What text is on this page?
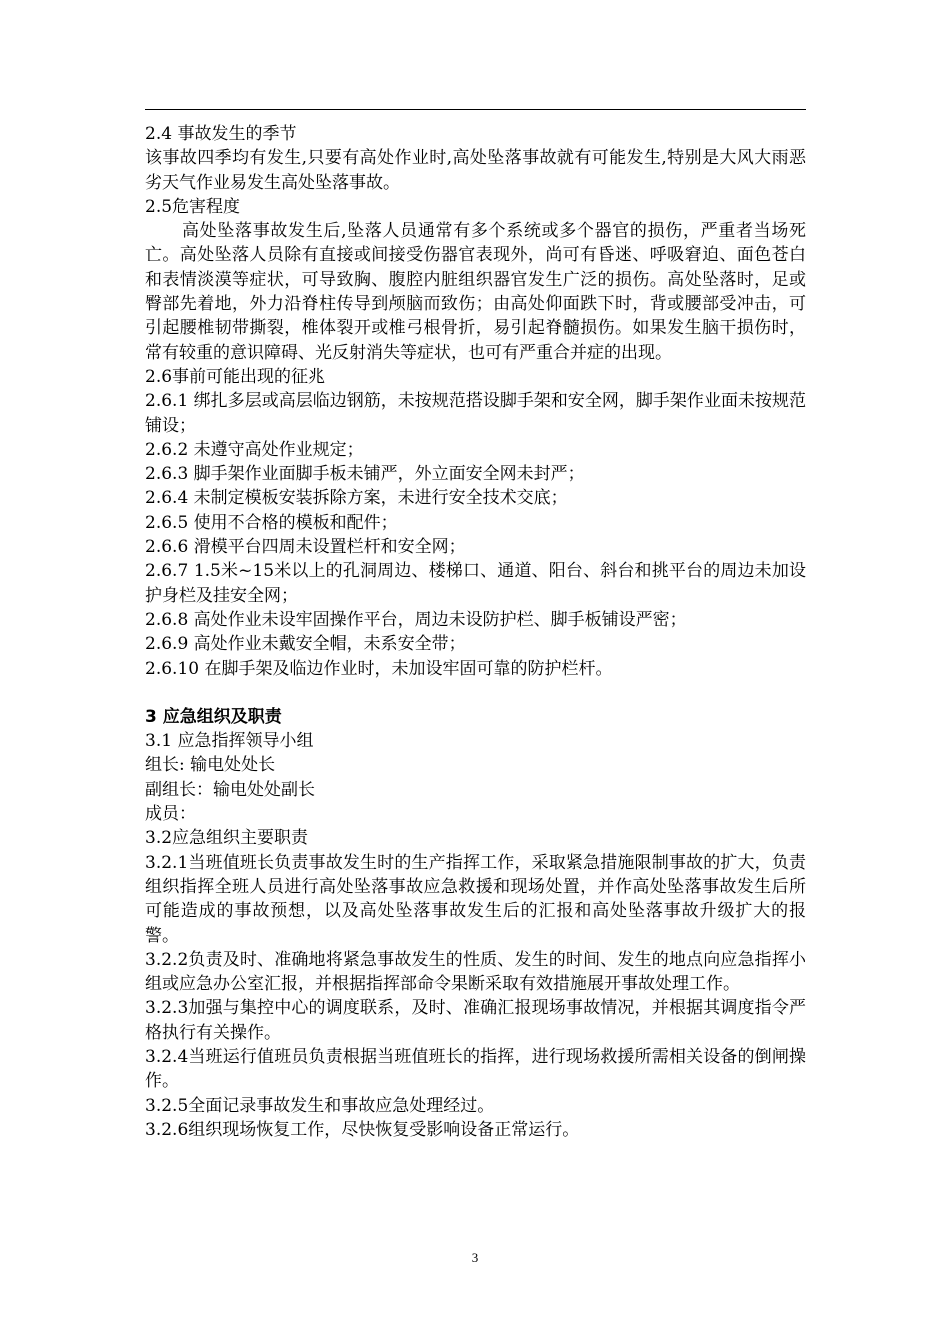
2.4 事故发生的季节

该事故四季均有发生,只要有高处作业时,高处坠落事故就有可能发生,特别是大风大雨恶劣天气作业易发生高处坠落事故。

2.5危害程度

高处坠落事故发生后,坠落人员通常有多个系统或多个器官的损伤，严重者当场死亡。高处坠落人员除有直接或间接受伤器官表现外，尚可有昏迷、呼吸窘迫、面色苍白和表情淡漠等症状，可导致胸、腹腔内脏组织器官发生广泛的损伤。高处坠落时，足或臀部先着地，外力沿脊柱传导到颅脑而致伤；由高处仰面跌下时，背或腰部受冲击，可引起腰椎韧带撕裂，椎体裂开或椎弓根骨折，易引起脊髓损伤。如果发生脑干损伤时，常有较重的意识障碍、光反射消失等症状，也可有严重合并症的出现。

2.6事前可能出现的征兆

2.6.1 绑扎多层或高层临边钢筋，未按规范搭设脚手架和安全网，脚手架作业面未按规范铺设；

2.6.2 未遵守高处作业规定；

2.6.3 脚手架作业面脚手板未铺严，外立面安全网未封严；

2.6.4 未制定模板安装拆除方案，未进行安全技术交底；

2.6.5 使用不合格的模板和配件；

2.6.6 滑模平台四周未设置栏杆和安全网；

2.6.7 1.5米~15米以上的孔洞周边、楼梯口、通道、阳台、斜台和挑平台的周边未加设护身栏及挂安全网；

2.6.8 高处作业未设牢固操作平台，周边未设防护栏、脚手板铺设严密；

2.6.9 高处作业未戴安全帽，未系安全带；

2.6.10 在脚手架及临边作业时，未加设牢固可靠的防护栏杆。

3 应急组织及职责

3.1 应急指挥领导小组

组长: 输电处处长

副组长：输电处处副长

成员：

3.2应急组织主要职责

3.2.1当班值班长负责事故发生时的生产指挥工作，采取紧急措施限制事故的扩大，负责组织指挥全班人员进行高处坠落事故应急救援和现场处置，并作高处坠落事故发生后所可能造成的事故预想，以及高处坠落事故发生后的汇报和高处坠落事故升级扩大的报警。

3.2.2负责及时、准确地将紧急事故发生的性质、发生的时间、发生的地点向应急指挥小组或应急办公室汇报，并根据指挥部命令果断采取有效措施展开事故处理工作。

3.2.3加强与集控中心的调度联系，及时、准确汇报现场事故情况，并根据其调度指令严格执行有关操作。

3.2.4当班运行值班员负责根据当班值班长的指挥，进行现场救援所需相关设备的倒闸操作。

3.2.5全面记录事故发生和事故应急处理经过。

3.2.6组织现场恢复工作，尽快恢复受影响设备正常运行。

3
